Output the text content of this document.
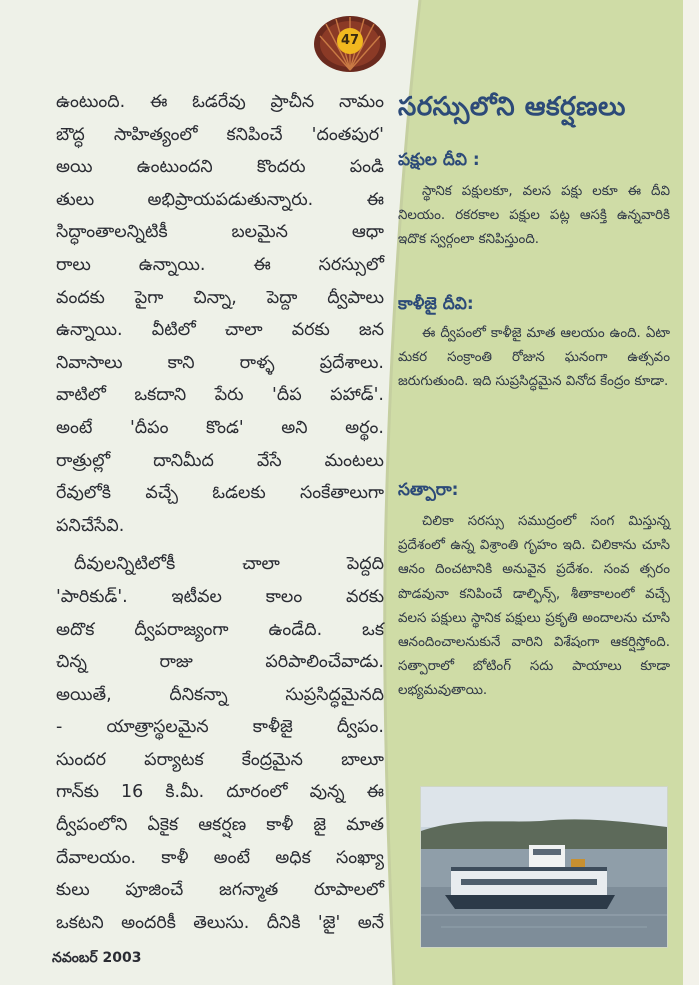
47

ఉంటుంది. ఈ ఓడరేవు ప్రాచీన నామం
బౌద్ధ సాహిత్యంలో కనిపించే 'దంతపుర'
అయి ఉంటుందని కొందరు పండి
తులు అభిప్రాయపడుతున్నారు. ఈ
సిద్ధాంతాలన్నిటికీ బలమైన ఆధా
రాలు ఉన్నాయి. ఈ సరస్సులో
వందకు పైగా చిన్నా, పెద్దా ద్వీపాలు
ఉన్నాయి. వీటిలో చాలా వరకు జన
నివాసాలు కాని రాళ్ళ ప్రదేశాలు.
వాటిలో ఒకదాని పేరు 'దీప పహాడ్'.
అంటే 'దీపం కొండ' అని అర్థం.
రాత్రుల్లో దానిమీద వేసే మంటలు
రేవులోకి వచ్చే ఓడలకు సంకేతాలుగా
పనిచేసేవి.

దీవులన్నిటిలోకీ చాలా పెద్దది
'పారికుడ్'. ఇటీవల కాలం వరకు
అదొక ద్వీపరాజ్యంగా ఉండేది. ఒక
చిన్న రాజు పరిపాలించేవాడు.
అయితే, దీనికన్నా సుప్రసిద్ధమైనది
- యాత్రాస్థలమైన కాళీజై ద్వీపం.
సుందర పర్యాటక కేంద్రమైన బాలూ
గాన్‌కు 16 కి.మీ. దూరంలో వున్న ఈ
ద్వీపంలోని ఏకైక ఆకర్షణ కాళీ జై మాత
దేవాలయం. కాళీ అంటే అధిక సంఖ్యా
కులు పూజించే జగన్మాత రూపాలలో
ఒకటని అందరికీ తెలుసు. దీనికి 'జై' అనే

నవంబర్ 2003
సరస్సులోని ఆకర్షణలు
పక్షుల దీవి :
స్థానిక పక్షులకూ, వలస పక్షు లకూ ఈ దీవి నిలయం. రకరకాల పక్షుల పట్ల ఆసక్తి ఉన్నవారికి ఇదొక స్వర్గంలా కనిపిస్తుంది.
కాళీజై దీవి:
ఈ ద్వీపంలో కాళీజై మాత ఆలయం ఉంది. ఏటా మకర సంక్రాంతి రోజున ఘనంగా ఉత్సవం జరుగుతుంది. ఇది సుప్రసిద్ధమైన వినోద కేంద్రం కూడా.
సత్పారా:
చిలికా సరస్సు సముద్రంలో సంగ మిస్తున్న ప్రదేశంలో ఉన్న విశ్రాంతి గృహం ఇది. చిలికాను చూసి ఆనం దించటానికి అనువైన ప్రదేశం. సంవ త్సరం పొడవునా కనిపించే డాల్ఫిన్స్, శీతాకాలంలో వచ్చే వలస పక్షులు స్థానిక పక్షులు ప్రకృతి అందాలను చూసి ఆనందించాలనుకునే వారిని విశేషంగా ఆకర్షిస్తోంది. సత్పారాలో బోటింగ్ సదు పాయాలు కూడా లభ్యమవుతాయి.
